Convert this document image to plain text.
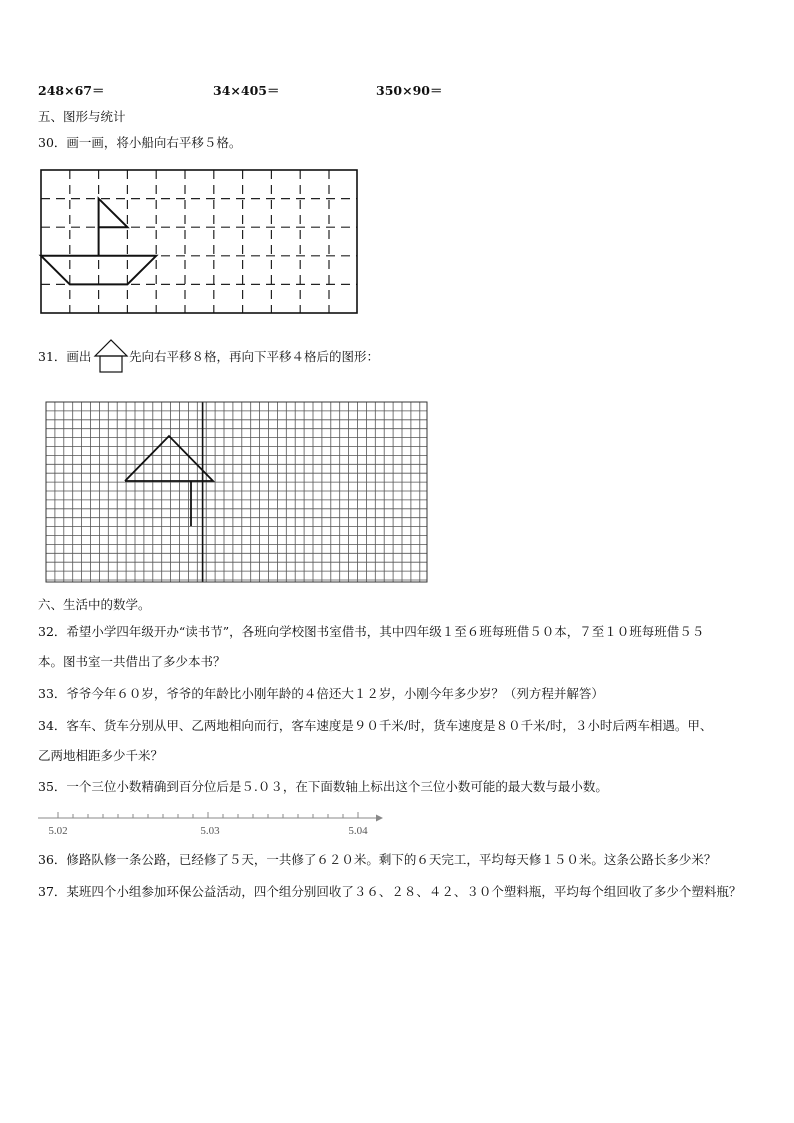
248×67＝	34×405＝	350×90＝
五、图形与统计
30．画一画，将小船向右平移５格。
31．画出	先向右平移８格，再向下平移４格后的图形：
六、生活中的数学。
32．希望小学四年级开办“读书节”，各班向学校图书室借书，其中四年级１至６班每班借５０本，７至１０班每班借５５
本。图书室一共借出了多少本书？
33．爷爷今年６０岁，爷爷的年龄比小刚年龄的４倍还大１２岁，小刚今年多少岁？（列方程并解答）
34．客车、货车分别从甲、乙两地相向而行，客车速度是９０千米/时，货车速度是８０千米/时，３小时后两车相遇。甲、
乙两地相距多少千米？
35．一个三位小数精确到百分位后是５.０３，在下面数轴上标出这个三位小数可能的最大数与最小数。
5.02	5.03	5.04
36．修路队修一条公路，已经修了５天，一共修了６２０米。剩下的６天完工，平均每天修１５０米。这条公路长多少米？
37．某班四个小组参加环保公益活动，四个组分别回收了３６、２８、４２、３０个塑料瓶，平均每个组回收了多少个塑料瓶？
